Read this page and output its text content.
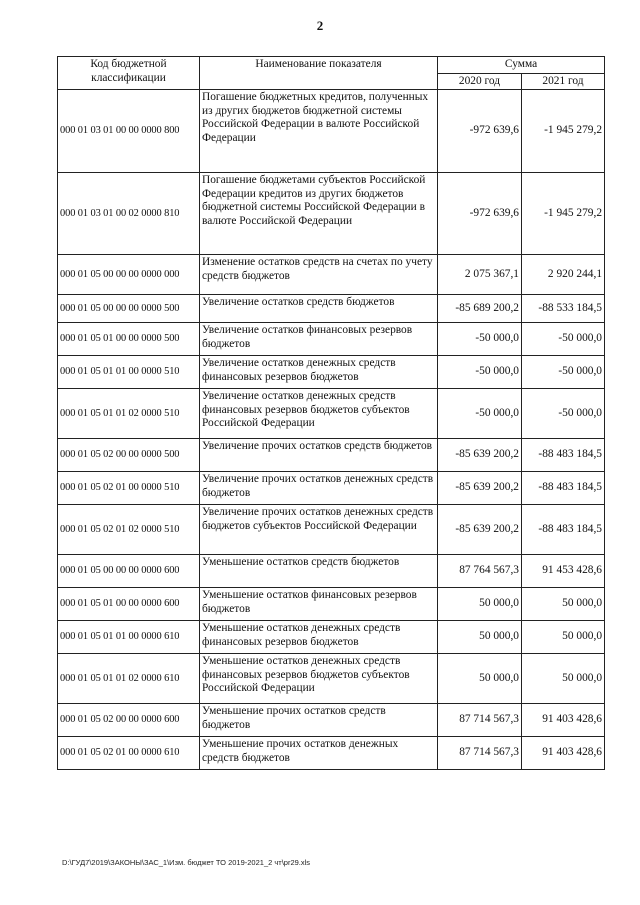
2
Код бюджетной классификации	Наименование показателя	Сумма	
		2020 год	2021 год
000 01 03 01 00 00 0000 800	Погашение бюджетных кредитов, полученных из других бюджетов бюджетной системы Российской Федерации в валюте Российской Федерации	-972 639,6	-1 945 279,2
000 01 03 01 00 02 0000 810	Погашение бюджетами субъектов Российской Федерации кредитов из других бюджетов бюджетной системы Российской Федерации в валюте Российской Федерации	-972 639,6	-1 945 279,2
000 01 05 00 00 00 0000 000	Изменение остатков средств на счетах по учету средств бюджетов	2 075 367,1	2 920 244,1
000 01 05 00 00 00 0000 500	Увеличение остатков средств бюджетов	-85 689 200,2	-88 533 184,5
000 01 05 01 00 00 0000 500	Увеличение остатков финансовых резервов бюджетов	-50 000,0	-50 000,0
000 01 05 01 01 00 0000 510	Увеличение остатков денежных средств финансовых резервов бюджетов	-50 000,0	-50 000,0
000 01 05 01 01 02 0000 510	Увеличение остатков денежных средств финансовых резервов бюджетов субъектов Российской Федерации	-50 000,0	-50 000,0
000 01 05 02 00 00 0000 500	Увеличение прочих остатков средств бюджетов	-85 639 200,2	-88 483 184,5
000 01 05 02 01 00 0000 510	Увеличение прочих остатков денежных средств бюджетов	-85 639 200,2	-88 483 184,5
000 01 05 02 01 02 0000 510	Увеличение прочих остатков денежных средств бюджетов субъектов Российской Федерации	-85 639 200,2	-88 483 184,5
000 01 05 00 00 00 0000 600	Уменьшение остатков средств бюджетов	87 764 567,3	91 453 428,6
000 01 05 01 00 00 0000 600	Уменьшение остатков финансовых резервов бюджетов	50 000,0	50 000,0
000 01 05 01 01 00 0000 610	Уменьшение остатков денежных средств финансовых резервов бюджетов	50 000,0	50 000,0
000 01 05 01 01 02 0000 610	Уменьшение остатков денежных средств финансовых резервов бюджетов субъектов Российской Федерации	50 000,0	50 000,0
000 01 05 02 00 00 0000 600	Уменьшение прочих остатков средств бюджетов	87 714 567,3	91 403 428,6
000 01 05 02 01 00 0000 610	Уменьшение прочих остатков денежных средств бюджетов	87 714 567,3	91 403 428,6
D:\ГУД7\2019\ЗАКОНЫ\ЗАС_1\Изм. бюджет ТО 2019-2021_2 чт\pr29.xls
